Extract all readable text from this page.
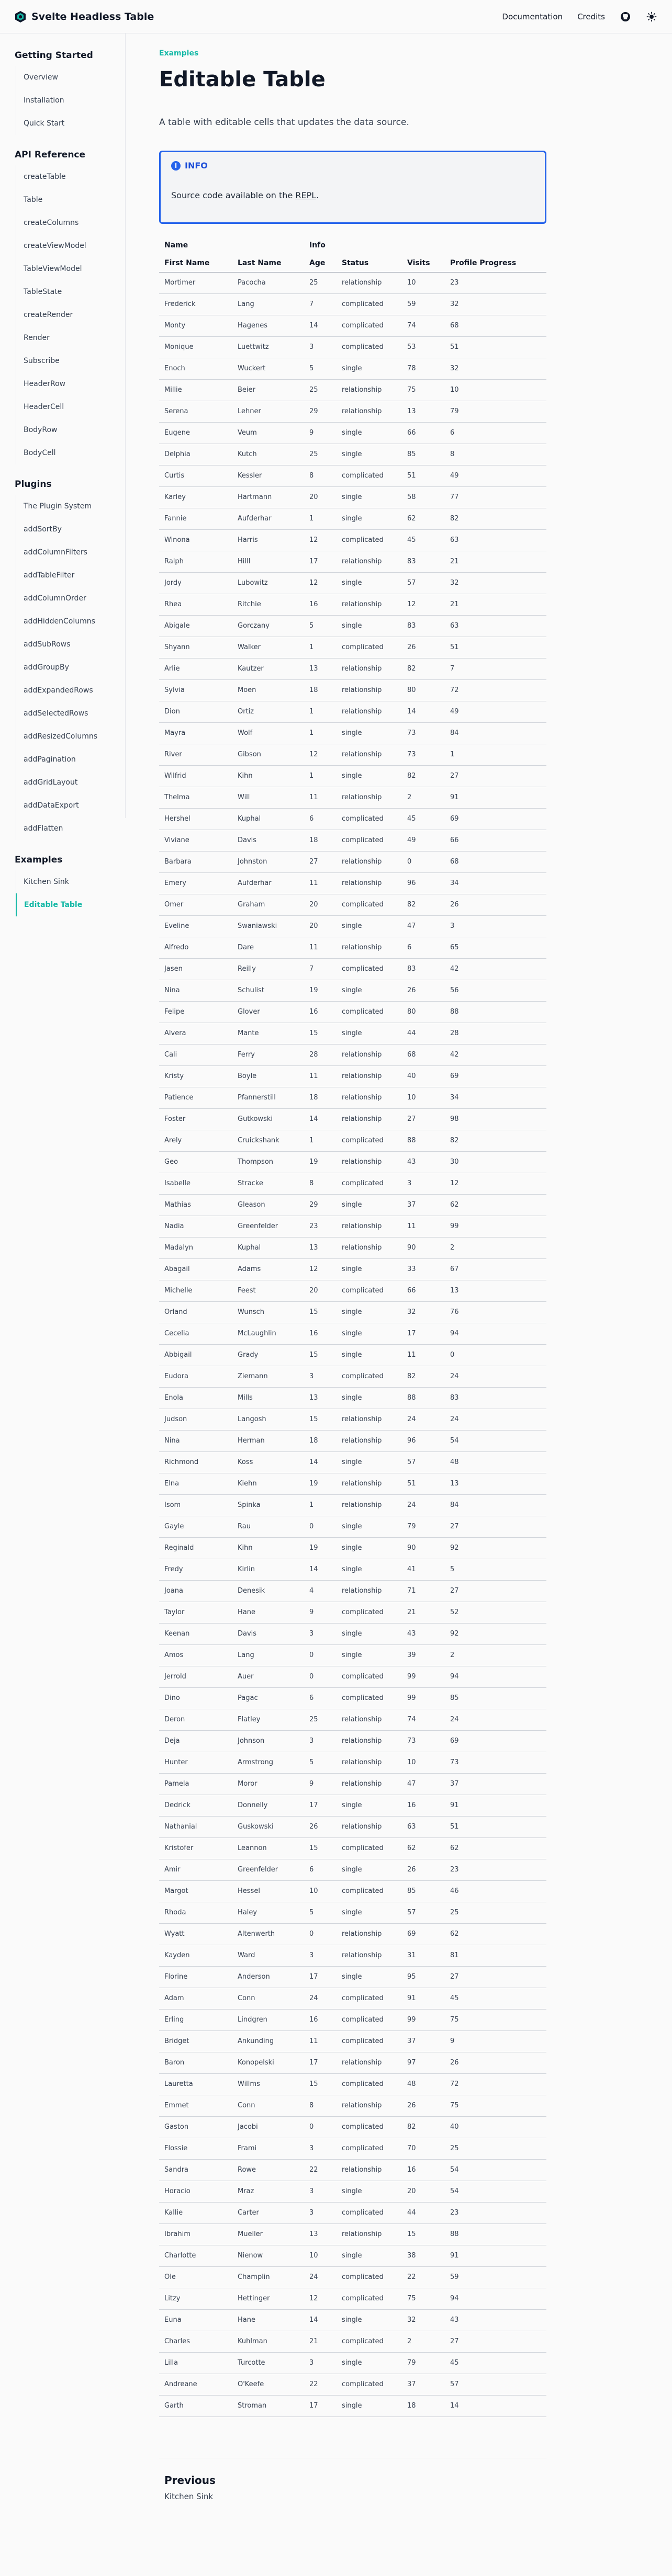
Svelte Headless Table	Documentation Credits
Getting Started
Overview
Installation
Quick Start
API Reference
createTable
Table
createColumns
createViewModel
TableViewModel
TableState
createRender
Render
Subscribe
HeaderRow
HeaderCell
BodyRow
BodyCell
Plugins
The Plugin System
addSortBy
addColumnFilters
addTableFilter
addColumnOrder
addHiddenColumns
addSubRows
addGroupBy
addExpandedRows
addSelectedRows
addResizedColumns
addPagination
addGridLayout
addDataExport
addFlatten
Examples
Kitchen Sink
Editable Table
Examples
Editable Table

A table with editable cells that updates the data source.

i INFO
Source code available on the REPL.
Name		Info			
First Name	Last Name	Age	Status	Visits	Profile Progress
Mortimer	Pacocha	25	relationship	10	23
Frederick	Lang	7	complicated	59	32
Monty	Hagenes	14	complicated	74	68
Monique	Luettwitz	3	complicated	53	51
Enoch	Wuckert	5	single	78	32
Millie	Beier	25	relationship	75	10
Serena	Lehner	29	relationship	13	79
Eugene	Veum	9	single	66	6
Delphia	Kutch	25	single	85	8
Curtis	Kessler	8	complicated	51	49
Karley	Hartmann	20	single	58	77
Fannie	Aufderhar	1	single	62	82
Winona	Harris	12	complicated	45	63
Ralph	Hilll	17	relationship	83	21
Jordy	Lubowitz	12	single	57	32
Rhea	Ritchie	16	relationship	12	21
Abigale	Gorczany	5	single	83	63
Shyann	Walker	1	complicated	26	51
Arlie	Kautzer	13	relationship	82	7
Sylvia	Moen	18	relationship	80	72
Dion	Ortiz	1	relationship	14	49
Mayra	Wolf	1	single	73	84
River	Gibson	12	relationship	73	1
Wilfrid	Kihn	1	single	82	27
Thelma	Will	11	relationship	2	91
Hershel	Kuphal	6	complicated	45	69
Viviane	Davis	18	complicated	49	66
Barbara	Johnston	27	relationship	0	68
Emery	Aufderhar	11	relationship	96	34
Omer	Graham	20	complicated	82	26
Eveline	Swaniawski	20	single	47	3
Alfredo	Dare	11	relationship	6	65
Jasen	Reilly	7	complicated	83	42
Nina	Schulist	19	single	26	56
Felipe	Glover	16	complicated	80	88
Alvera	Mante	15	single	44	28
Cali	Ferry	28	relationship	68	42
Kristy	Boyle	11	relationship	40	69
Patience	Pfannerstill	18	relationship	10	34
Foster	Gutkowski	14	relationship	27	98
Arely	Cruickshank	1	complicated	88	82
Geo	Thompson	19	relationship	43	30
Isabelle	Stracke	8	complicated	3	12
Mathias	Gleason	29	single	37	62
Nadia	Greenfelder	23	relationship	11	99
Madalyn	Kuphal	13	relationship	90	2
Abagail	Adams	12	single	33	67
Michelle	Feest	20	complicated	66	13
Orland	Wunsch	15	single	32	76
Cecelia	McLaughlin	16	single	17	94
Abbigail	Grady	15	single	11	0
Eudora	Ziemann	3	complicated	82	24
Enola	Mills	13	single	88	83
Judson	Langosh	15	relationship	24	24
Nina	Herman	18	relationship	96	54
Richmond	Koss	14	single	57	48
Elna	Kiehn	19	relationship	51	13
Isom	Spinka	1	relationship	24	84
Gayle	Rau	0	single	79	27
Reginald	Kihn	19	single	90	92
Fredy	Kirlin	14	single	41	5
Joana	Denesik	4	relationship	71	27
Taylor	Hane	9	complicated	21	52
Keenan	Davis	3	single	43	92
Amos	Lang	0	single	39	2
Jerrold	Auer	0	complicated	99	94
Dino	Pagac	6	complicated	99	85
Deron	Flatley	25	relationship	74	24
Deja	Johnson	3	relationship	73	69
Hunter	Armstrong	5	relationship	10	73
Pamela	Moror	9	relationship	47	37
Dedrick	Donnelly	17	single	16	91
Nathanial	Guskowski	26	relationship	63	51
Kristofer	Leannon	15	complicated	62	62
Amir	Greenfelder	6	single	26	23
Margot	Hessel	10	complicated	85	46
Rhoda	Haley	5	single	57	25
Wyatt	Altenwerth	0	relationship	69	62
Kayden	Ward	3	relationship	31	81
Florine	Anderson	17	single	95	27
Adam	Conn	24	complicated	91	45
Erling	Lindgren	16	complicated	99	75
Bridget	Ankunding	11	complicated	37	9
Baron	Konopelski	17	relationship	97	26
Lauretta	Willms	15	complicated	48	72
Emmet	Conn	8	relationship	26	75
Gaston	Jacobi	0	complicated	82	40
Flossie	Frami	3	complicated	70	25
Sandra	Rowe	22	relationship	16	54
Horacio	Mraz	3	single	20	54
Kallie	Carter	3	complicated	44	23
Ibrahim	Mueller	13	relationship	15	88
Charlotte	Nienow	10	single	38	91
Ole	Champlin	24	complicated	22	59
Litzy	Hettinger	12	complicated	75	94
Euna	Hane	14	single	32	43
Charles	Kuhlman	21	complicated	2	27
Lilla	Turcotte	3	single	79	45
Andreane	O'Keefe	22	complicated	37	57
Garth	Stroman	17	single	18	14
Previous
Kitchen Sink
